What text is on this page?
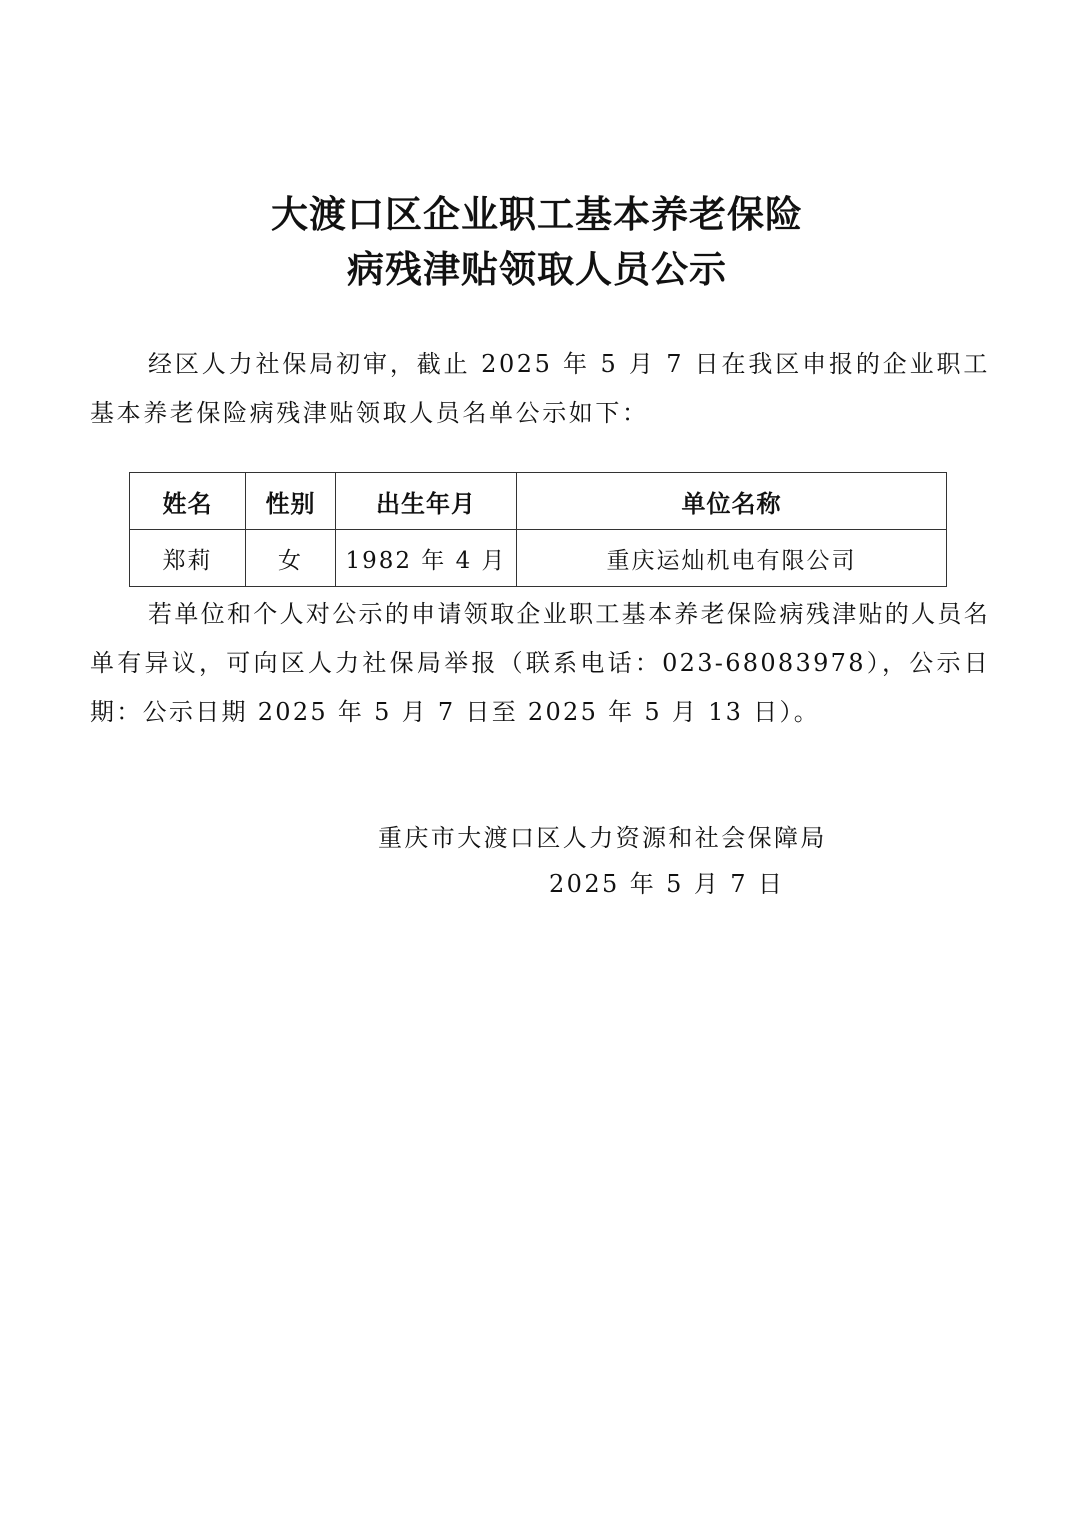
大渡口区企业职工基本养老保险
病残津贴领取人员公示

经区人力社保局初审，截止 2025 年 5 月 7 日在我区申报的企业职工基本养老保险病残津贴领取人员名单公示如下：

姓名	性别	出生年月	单位名称
郑莉	女	1982 年 4 月	重庆运灿机电有限公司

若单位和个人对公示的申请领取企业职工基本养老保险病残津贴的人员名单有异议，可向区人力社保局举报（联系电话：023-68083978），公示日期：公示日期 2025 年 5 月 7 日至 2025 年 5 月 13 日）。

重庆市大渡口区人力资源和社会保障局

2025 年 5 月 7 日
